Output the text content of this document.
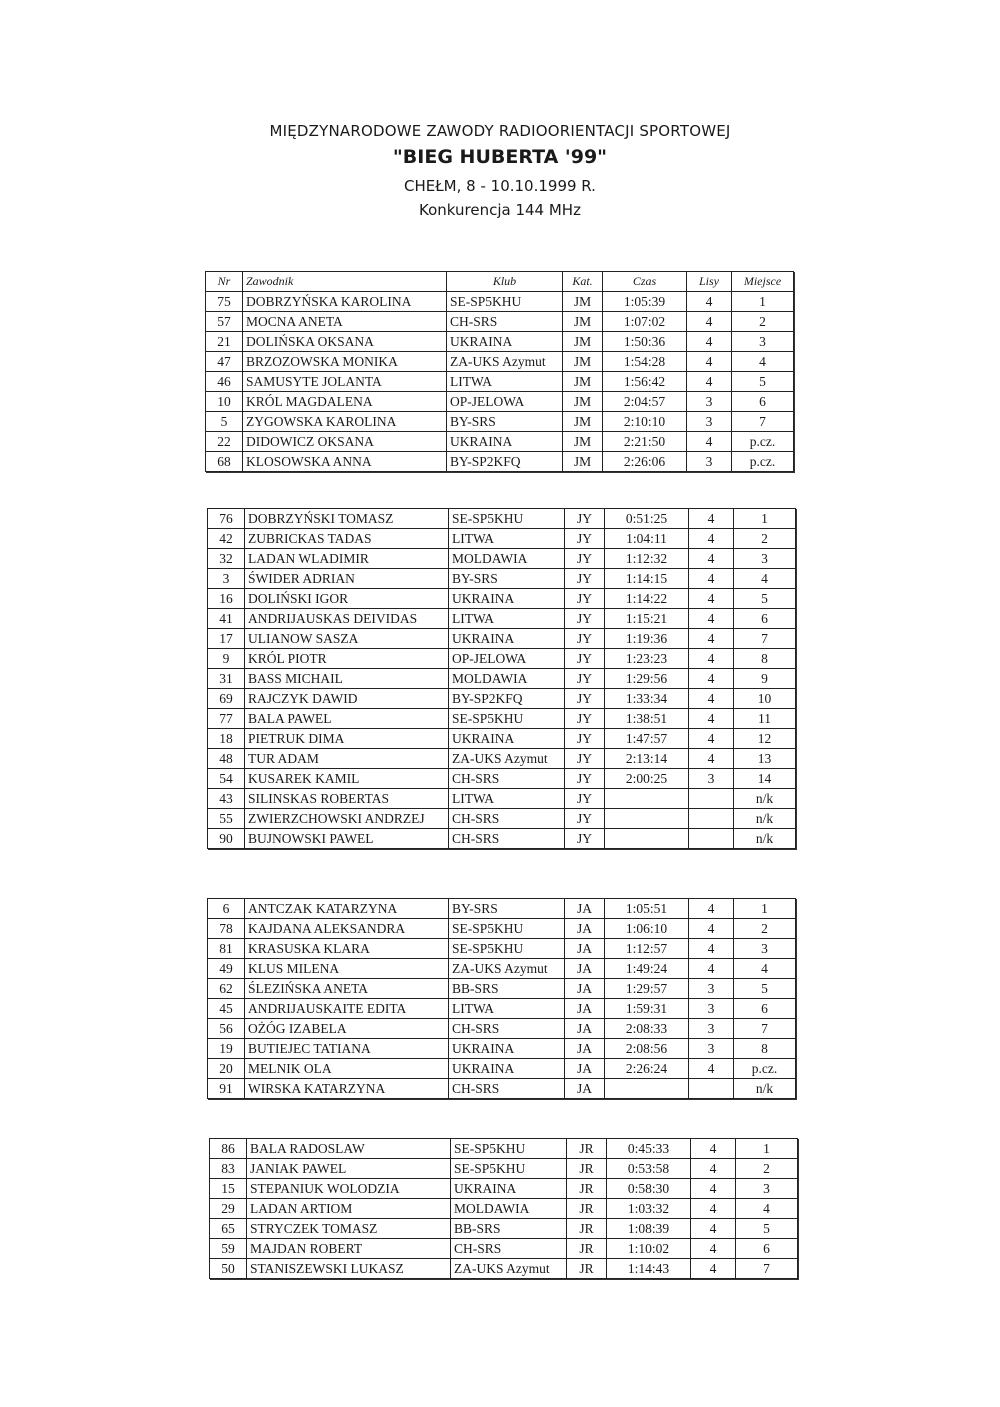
MIĘDZYNARODOWE ZAWODY RADIOORIENTACJI SPORTOWEJ
"BIEG HUBERTA '99"
CHEŁM, 8 - 10.10.1999 R.
Konkurencja 144 MHz
Nr	Zawodnik	Klub	Kat.	Czas	Lisy	Miejsce
75	DOBRZYŃSKA KAROLINA	SE-SP5KHU	JM	1:05:39	4	1
57	MOCNA ANETA	CH-SRS	JM	1:07:02	4	2
21	DOLIŃSKA OKSANA	UKRAINA	JM	1:50:36	4	3
47	BRZOZOWSKA MONIKA	ZA-UKS Azymut	JM	1:54:28	4	4
46	SAMUSYTE JOLANTA	LITWA	JM	1:56:42	4	5
10	KRÓL MAGDALENA	OP-JELOWA	JM	2:04:57	3	6
5	ZYGOWSKA KAROLINA	BY-SRS	JM	2:10:10	3	7
22	DIDOWICZ OKSANA	UKRAINA	JM	2:21:50	4	p.cz.
68	KLOSOWSKA ANNA	BY-SP2KFQ	JM	2:26:06	3	p.cz.
76	DOBRZYŃSKI TOMASZ	SE-SP5KHU	JY	0:51:25	4	1
42	ZUBRICKAS TADAS	LITWA	JY	1:04:11	4	2
32	LADAN WLADIMIR	MOLDAWIA	JY	1:12:32	4	3
3	ŚWIDER ADRIAN	BY-SRS	JY	1:14:15	4	4
16	DOLIŃSKI IGOR	UKRAINA	JY	1:14:22	4	5
41	ANDRIJAUSKAS DEIVIDAS	LITWA	JY	1:15:21	4	6
17	ULIANOW SASZA	UKRAINA	JY	1:19:36	4	7
9	KRÓL PIOTR	OP-JELOWA	JY	1:23:23	4	8
31	BASS MICHAIL	MOLDAWIA	JY	1:29:56	4	9
69	RAJCZYK DAWID	BY-SP2KFQ	JY	1:33:34	4	10
77	BALA PAWEL	SE-SP5KHU	JY	1:38:51	4	11
18	PIETRUK DIMA	UKRAINA	JY	1:47:57	4	12
48	TUR ADAM	ZA-UKS Azymut	JY	2:13:14	4	13
54	KUSAREK KAMIL	CH-SRS	JY	2:00:25	3	14
43	SILINSKAS ROBERTAS	LITWA	JY			n/k
55	ZWIERZCHOWSKI ANDRZEJ	CH-SRS	JY			n/k
90	BUJNOWSKI PAWEL	CH-SRS	JY			n/k
6	ANTCZAK KATARZYNA	BY-SRS	JA	1:05:51	4	1
78	KAJDANA ALEKSANDRA	SE-SP5KHU	JA	1:06:10	4	2
81	KRASUSKA KLARA	SE-SP5KHU	JA	1:12:57	4	3
49	KLUS MILENA	ZA-UKS Azymut	JA	1:49:24	4	4
62	ŚLEZIŃSKA ANETA	BB-SRS	JA	1:29:57	3	5
45	ANDRIJAUSKAITE EDITA	LITWA	JA	1:59:31	3	6
56	OŻÓG IZABELA	CH-SRS	JA	2:08:33	3	7
19	BUTIEJEC TATIANA	UKRAINA	JA	2:08:56	3	8
20	MELNIK OLA	UKRAINA	JA	2:26:24	4	p.cz.
91	WIRSKA KATARZYNA	CH-SRS	JA			n/k
86	BALA RADOSLAW	SE-SP5KHU	JR	0:45:33	4	1
83	JANIAK PAWEL	SE-SP5KHU	JR	0:53:58	4	2
15	STEPANIUK WOLODZIA	UKRAINA	JR	0:58:30	4	3
29	LADAN ARTIOM	MOLDAWIA	JR	1:03:32	4	4
65	STRYCZEK TOMASZ	BB-SRS	JR	1:08:39	4	5
59	MAJDAN ROBERT	CH-SRS	JR	1:10:02	4	6
50	STANISZEWSKI LUKASZ	ZA-UKS Azymut	JR	1:14:43	4	7
